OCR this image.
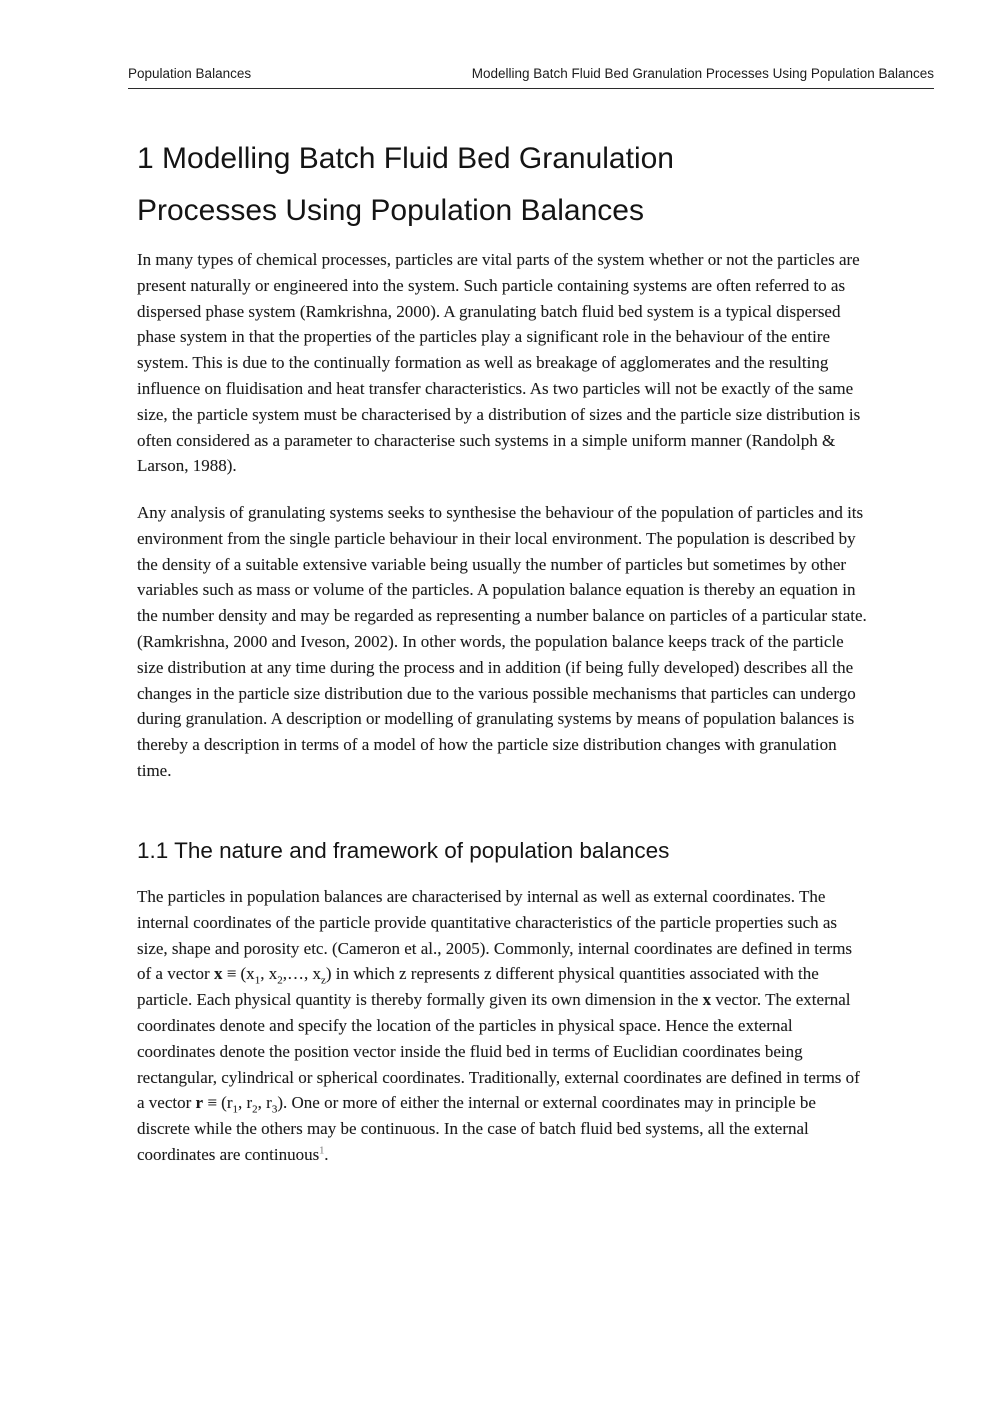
Population Balances	Modelling Batch Fluid Bed Granulation Processes Using Population Balances
1 Modelling Batch Fluid Bed Granulation
Processes Using Population Balances

In many types of chemical processes, particles are vital parts of the system whether or not the particles are present naturally or engineered into the system. Such particle containing systems are often referred to as dispersed phase system (Ramkrishna, 2000). A granulating batch fluid bed system is a typical dispersed phase system in that the properties of the particles play a significant role in the behaviour of the entire system. This is due to the continually formation as well as breakage of agglomerates and the resulting influence on fluidisation and heat transfer characteristics. As two particles will not be exactly of the same size, the particle system must be characterised by a distribution of sizes and the particle size distribution is often considered as a parameter to characterise such systems in a simple uniform manner (Randolph & Larson, 1988).

Any analysis of granulating systems seeks to synthesise the behaviour of the population of particles and its environment from the single particle behaviour in their local environment. The population is described by the density of a suitable extensive variable being usually the number of particles but sometimes by other variables such as mass or volume of the particles. A population balance equation is thereby an equation in the number density and may be regarded as representing a number balance on particles of a particular state. (Ramkrishna, 2000 and Iveson, 2002). In other words, the population balance keeps track of the particle size distribution at any time during the process and in addition (if being fully developed) describes all the changes in the particle size distribution due to the various possible mechanisms that particles can undergo during granulation. A description or modelling of granulating systems by means of population balances is thereby a description in terms of a model of how the particle size distribution changes with granulation time.

1.1 The nature and framework of population balances

The particles in population balances are characterised by internal as well as external coordinates. The internal coordinates of the particle provide quantitative characteristics of the particle properties such as size, shape and porosity etc. (Cameron et al., 2005). Commonly, internal coordinates are defined in terms of a vector $x \equiv (x_1$, $x_2,\dots$, $x_z$) in which z represents z different physical quantities associated with the particle. Each physical quantity is thereby formally given its own dimension in the x vector. The external coordinates denote and specify the location of the particles in physical space. Hence the external coordinates denote the position vector inside the fluid bed in terms of Euclidian coordinates being rectangular, cylindrical or spherical coordinates. Traditionally, external coordinates are defined in terms of a vector $r \equiv (r_1$, $r_2$, $r_3$). One or more of either the internal or external coordinates may in principle be discrete while the others may be continuous. In the case of batch fluid bed systems, all the external coordinates are continuous$^1$.
